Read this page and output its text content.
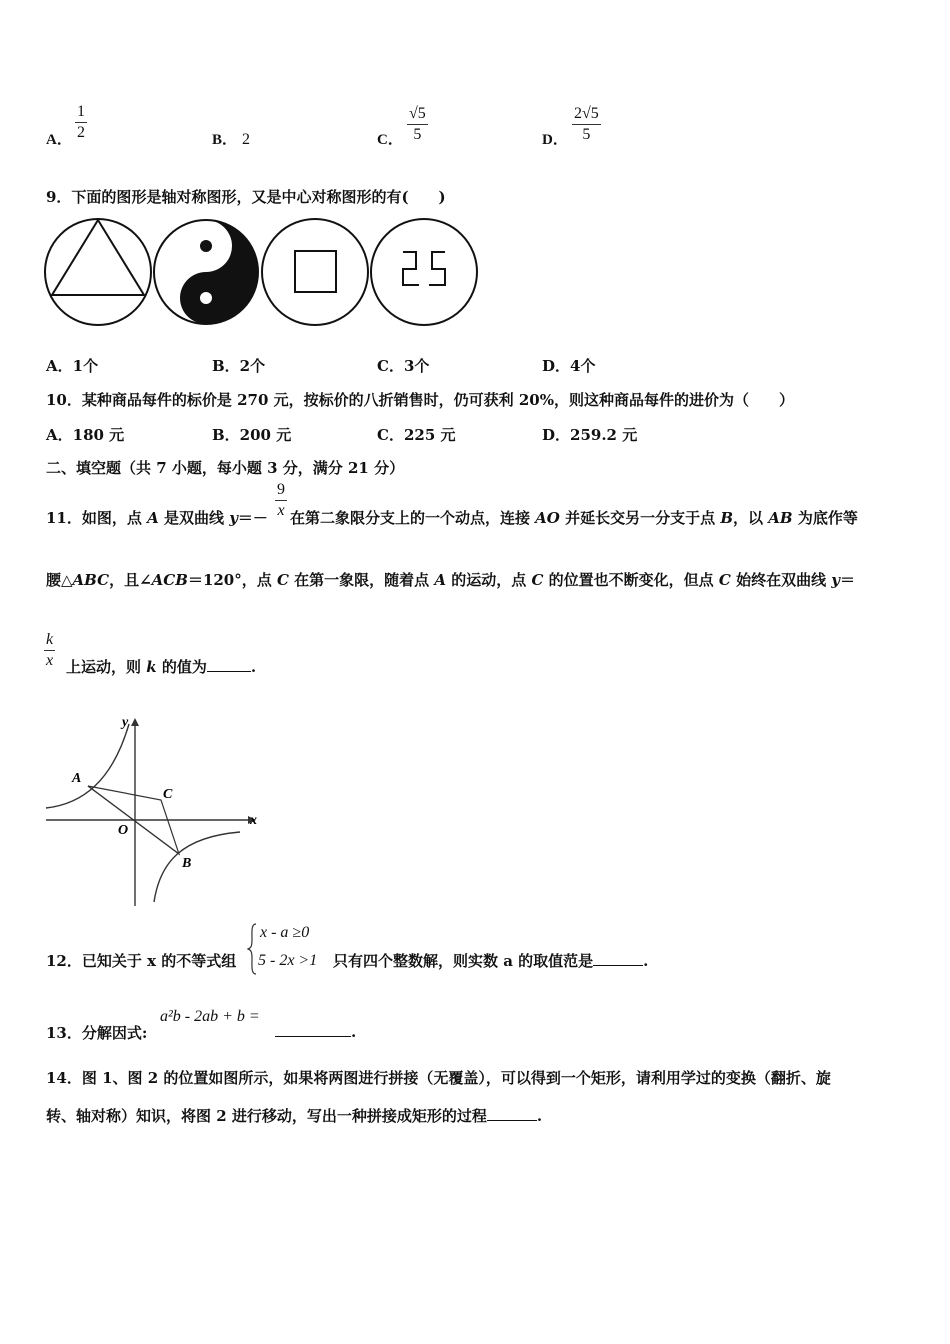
A． $\frac{1}{2}$	B． 2	C． $\frac{√5}{5}$	D． $\frac{2√5}{5}$
9．下面的图形是轴对称图形，又是中心对称图形的有(　　)
A．1个	B．2个	C．3个	D．4个
10．某种商品每件的标价是 270 元，按标价的八折销售时，仍可获利 20%，则这种商品每件的进价为（　　）
A．180 元	B．200 元	C．225 元	D．259.2 元
二、填空题（共 7 小题，每小题 3 分，满分 21 分）
11．如图，点 A 是双曲线 y＝－ 在第二象限分支上的一个动点，连接 AO 并延长交另一分支于点 B，以 AB 为底作等
$\frac{9}{x}$
腰△ABC，且∠ACB＝120°，点 C 在第一象限，随着点 A 的运动，点 C 的位置也不断变化，但点 C 始终在双曲线 y＝
$\frac{k}{x}$ 上运动，则 k 的值为	.
y
x
O
A
B
C
12．已知关于 x 的不等式组
x - a ≥0
5 - 2x >1 只有四个整数解，则实数 a 的取值范是	.
13．分解因式:
a²b - 2ab + b =
.
14．图 1、图 2 的位置如图所示，如果将两图进行拼接（无覆盖），可以得到一个矩形，请利用学过的变换（翻折、旋
转、轴对称）知识，将图 2 进行移动，写出一种拼接成矩形的过程	.
